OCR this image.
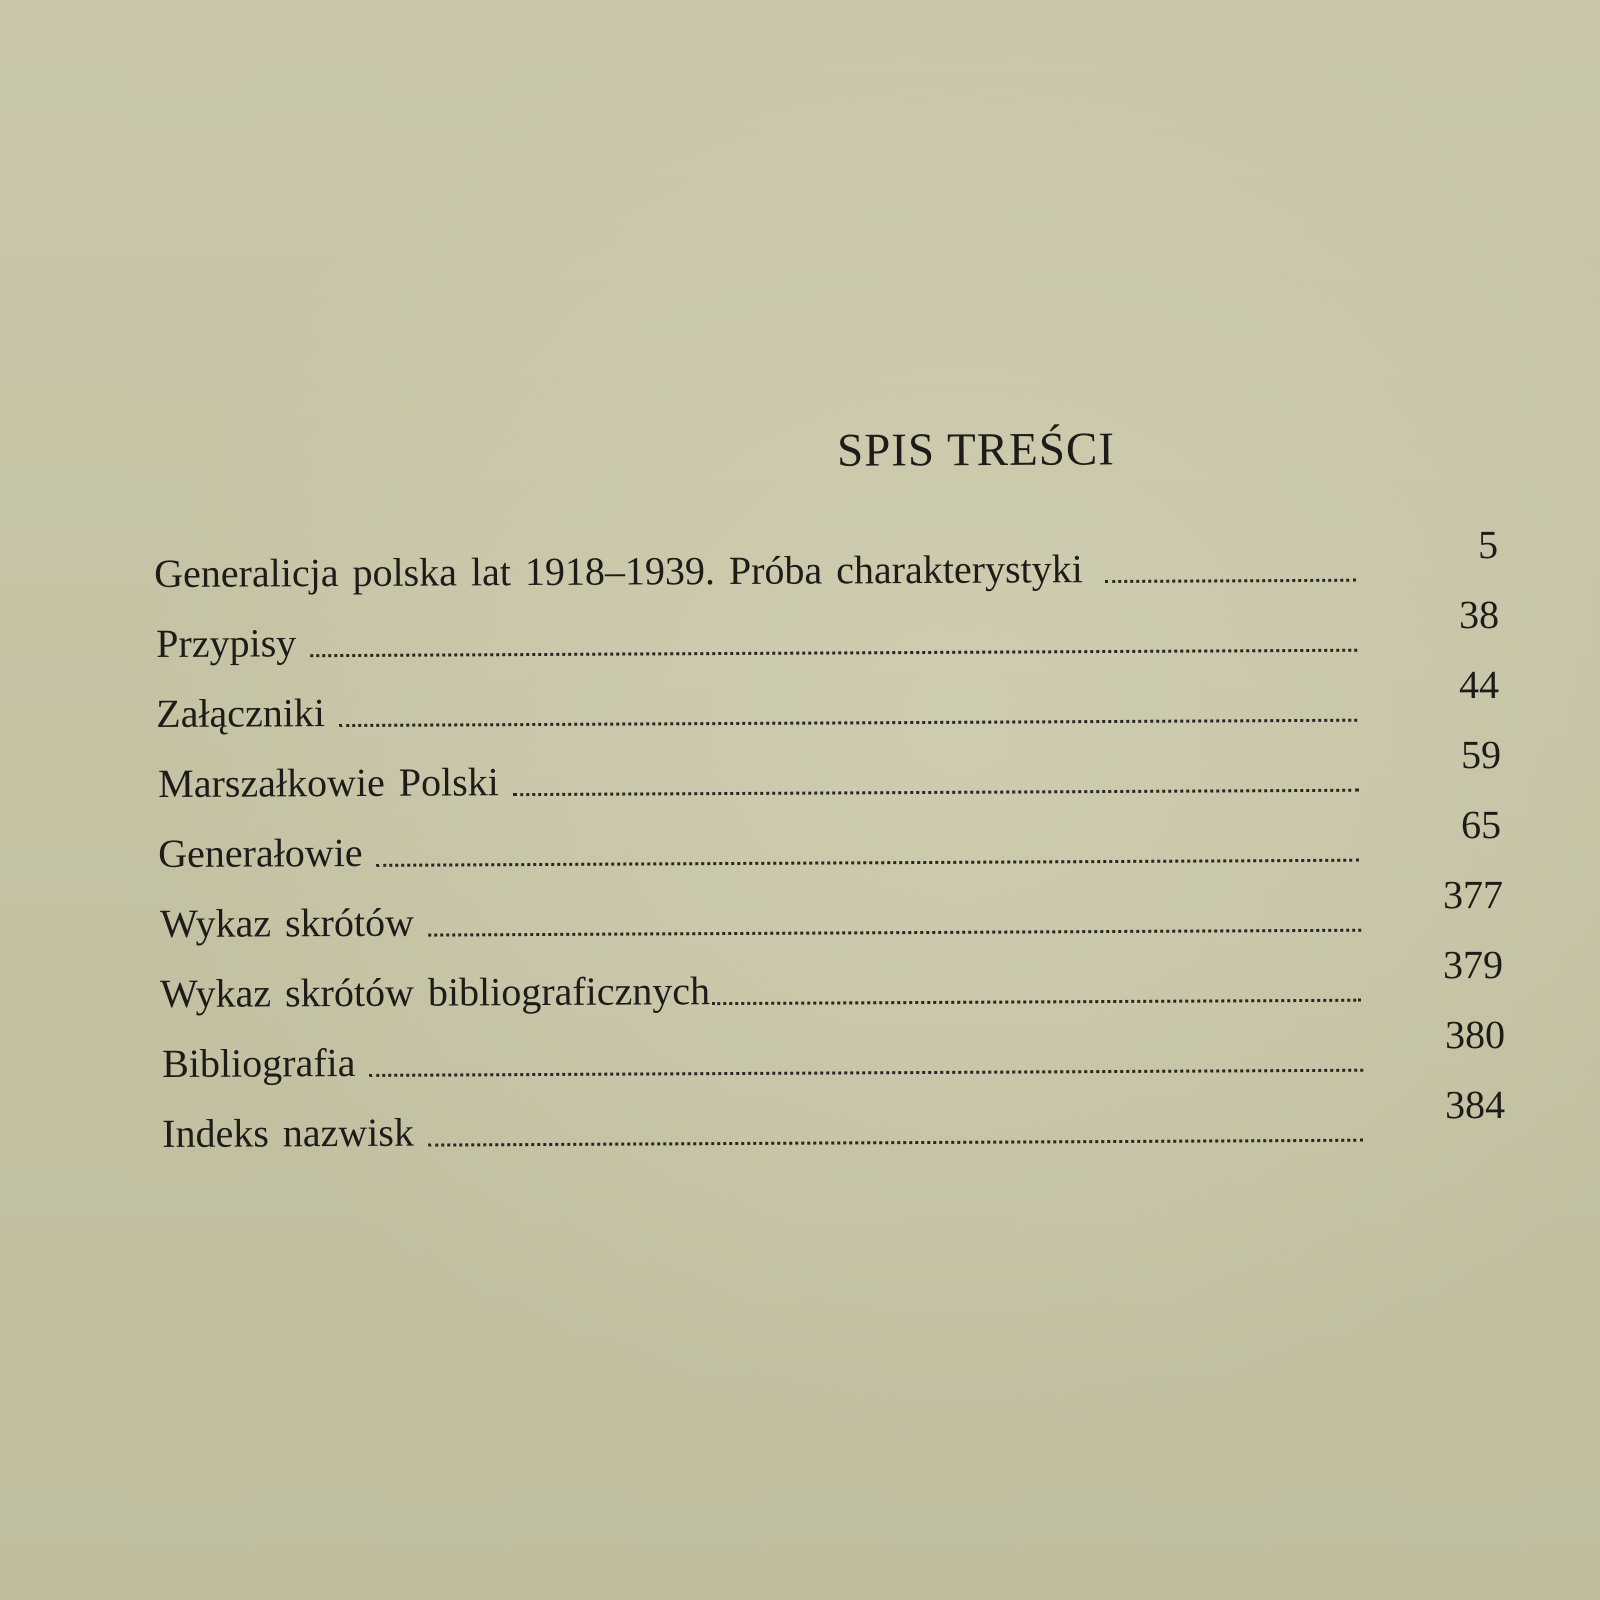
SPIS TREŚCI
Generalicja polska lat 1918–1939. Próba charakterystyki
5
Przypisy
38
Załączniki
44
Marszałkowie Polski
59
Generałowie
65
Wykaz skrótów
377
Wykaz skrótów bibliograficznych
379
Bibliografia
380
Indeks nazwisk
384
